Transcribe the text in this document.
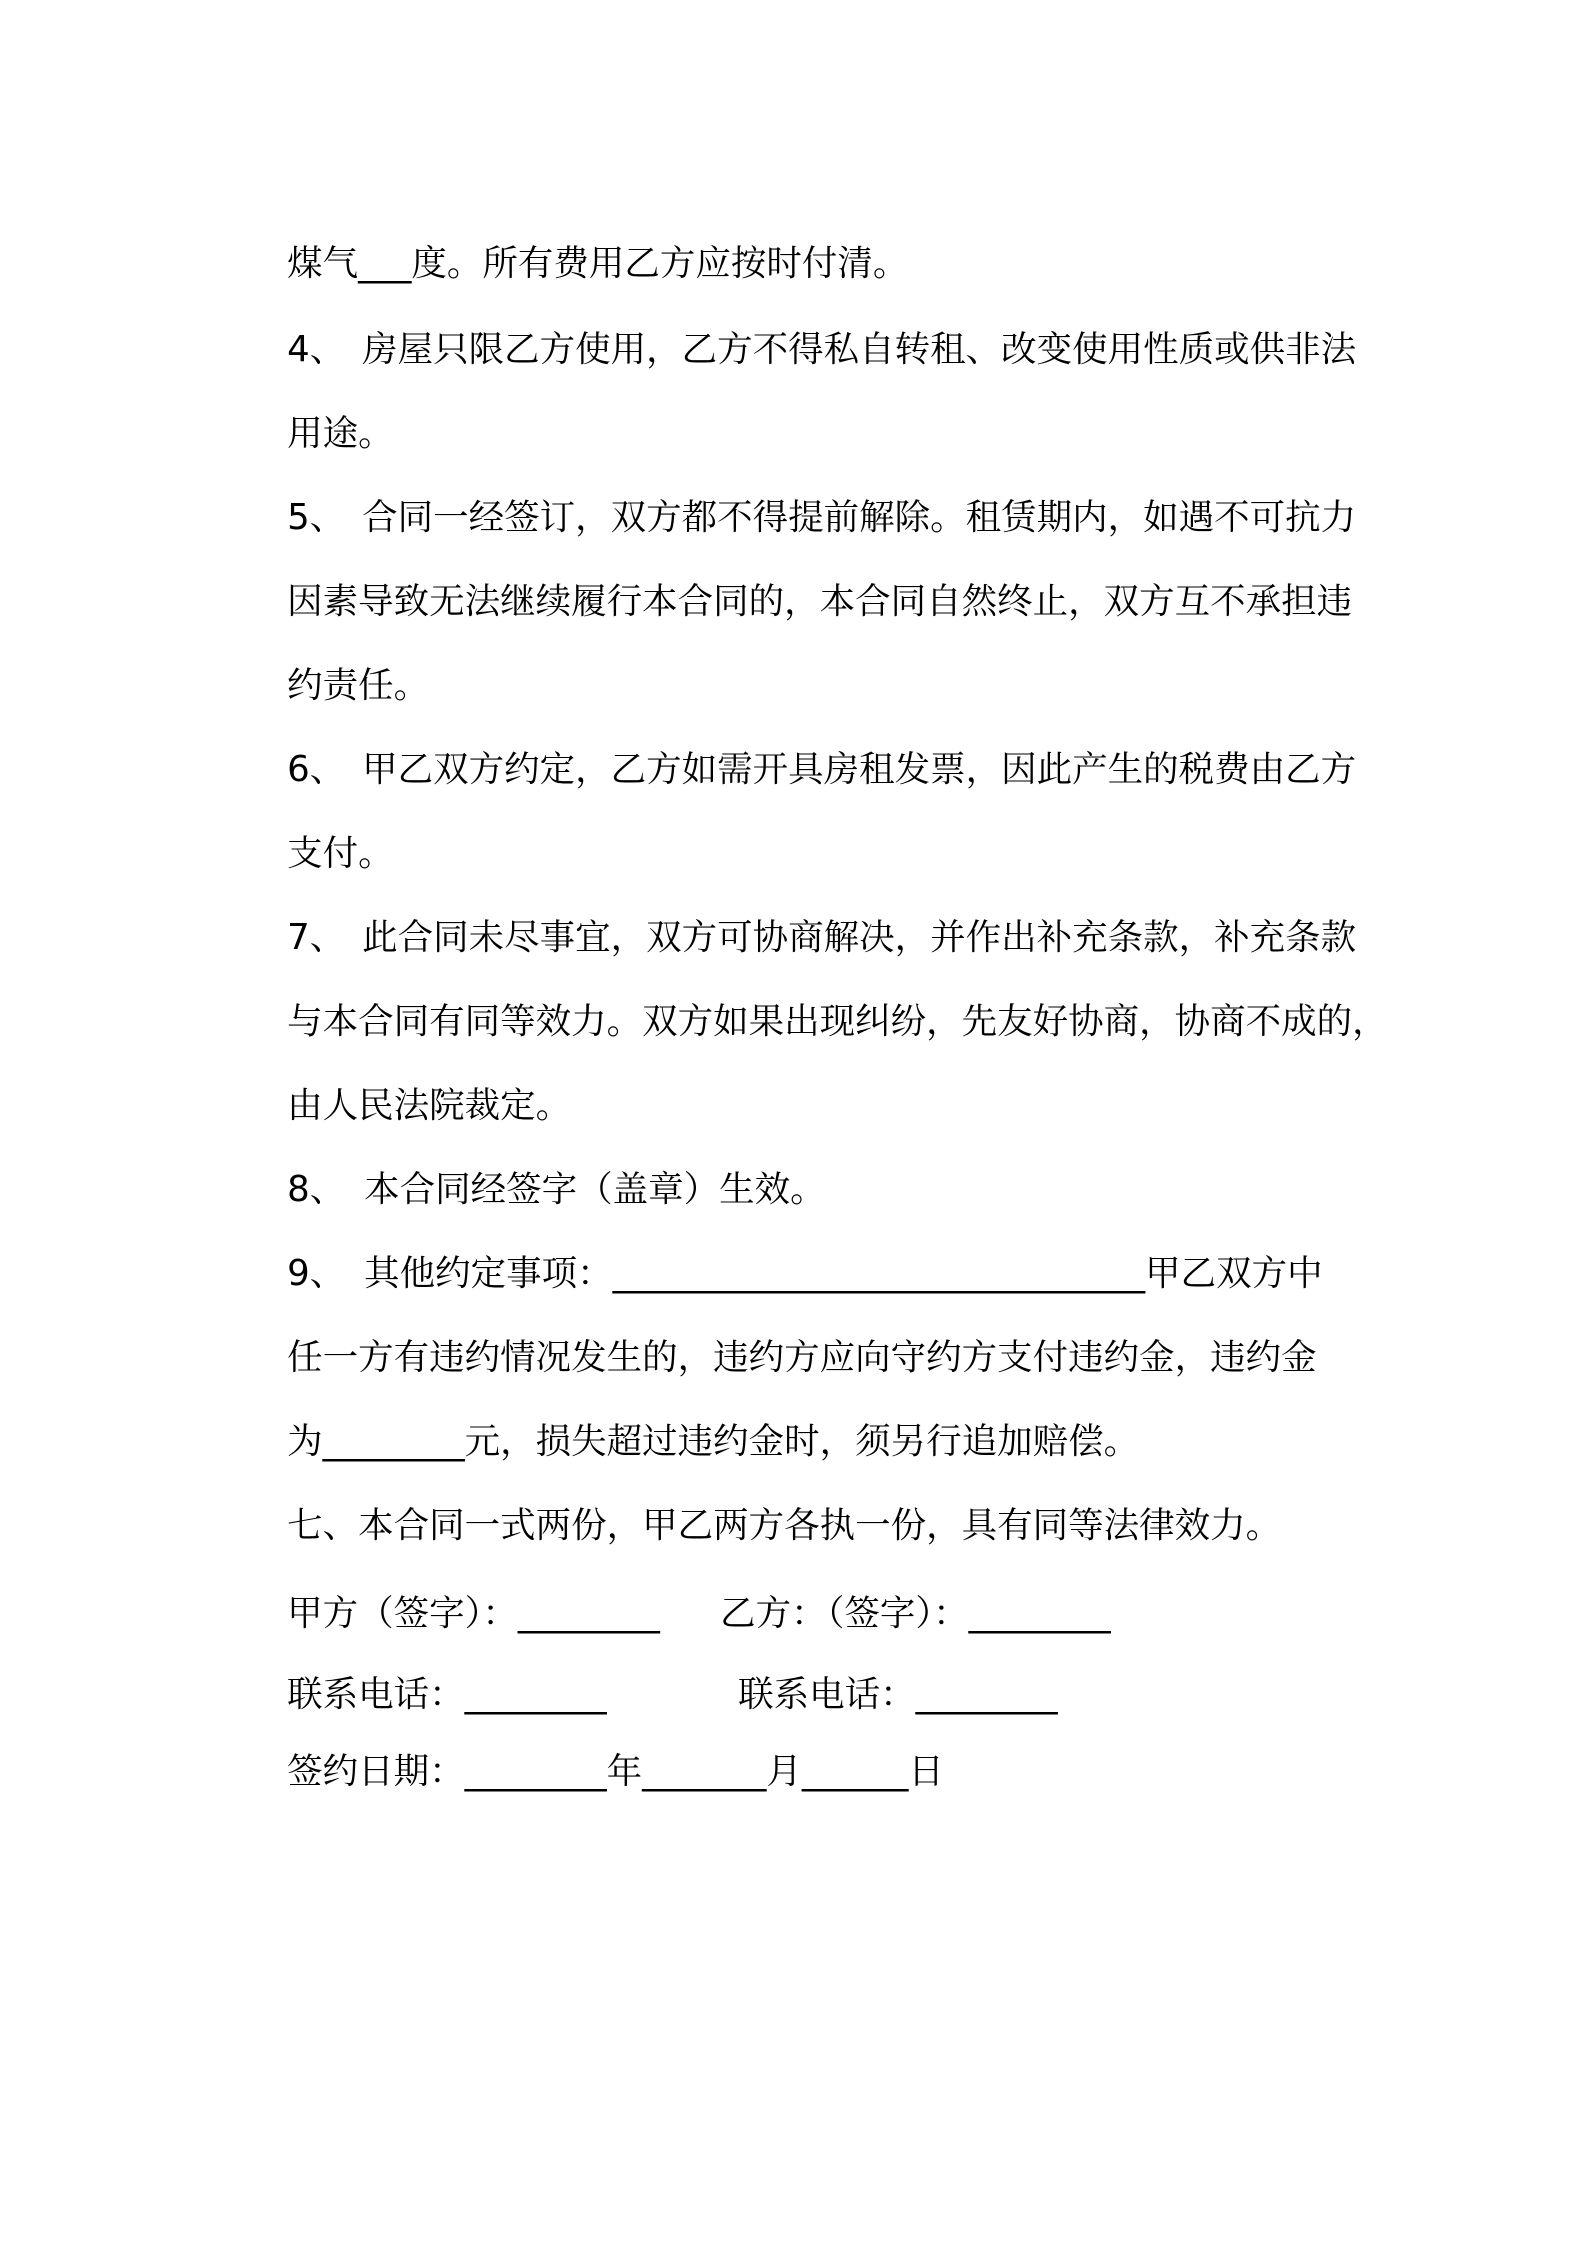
煤气___度。所有费用乙方应按时付清。

4、 房屋只限乙方使用，乙方不得私自转租、改变使用性质或供非法

用途。

5、 合同一经签订，双方都不得提前解除。租赁期内，如遇不可抗力

因素导致无法继续履行本合同的，本合同自然终止，双方互不承担违

约责任。

6、 甲乙双方约定，乙方如需开具房租发票，因此产生的税费由乙方

支付。

7、 此合同未尽事宜，双方可协商解决，并作出补充条款，补充条款

与本合同有同等效力。双方如果出现纠纷，先友好协商，协商不成的，

由人民法院裁定。

8、 本合同经签字（盖章）生效。

9、 其他约定事项：______________________________甲乙双方中

任一方有违约情况发生的，违约方应向守约方支付违约金，违约金

为________元，损失超过违约金时，须另行追加赔偿。

七、本合同一式两份，甲乙两方各执一份，具有同等法律效力。

甲方（签字）：________
	乙方：（签字）：________

联系电话：________
	联系电话：________

签约日期：________年_______月______日
